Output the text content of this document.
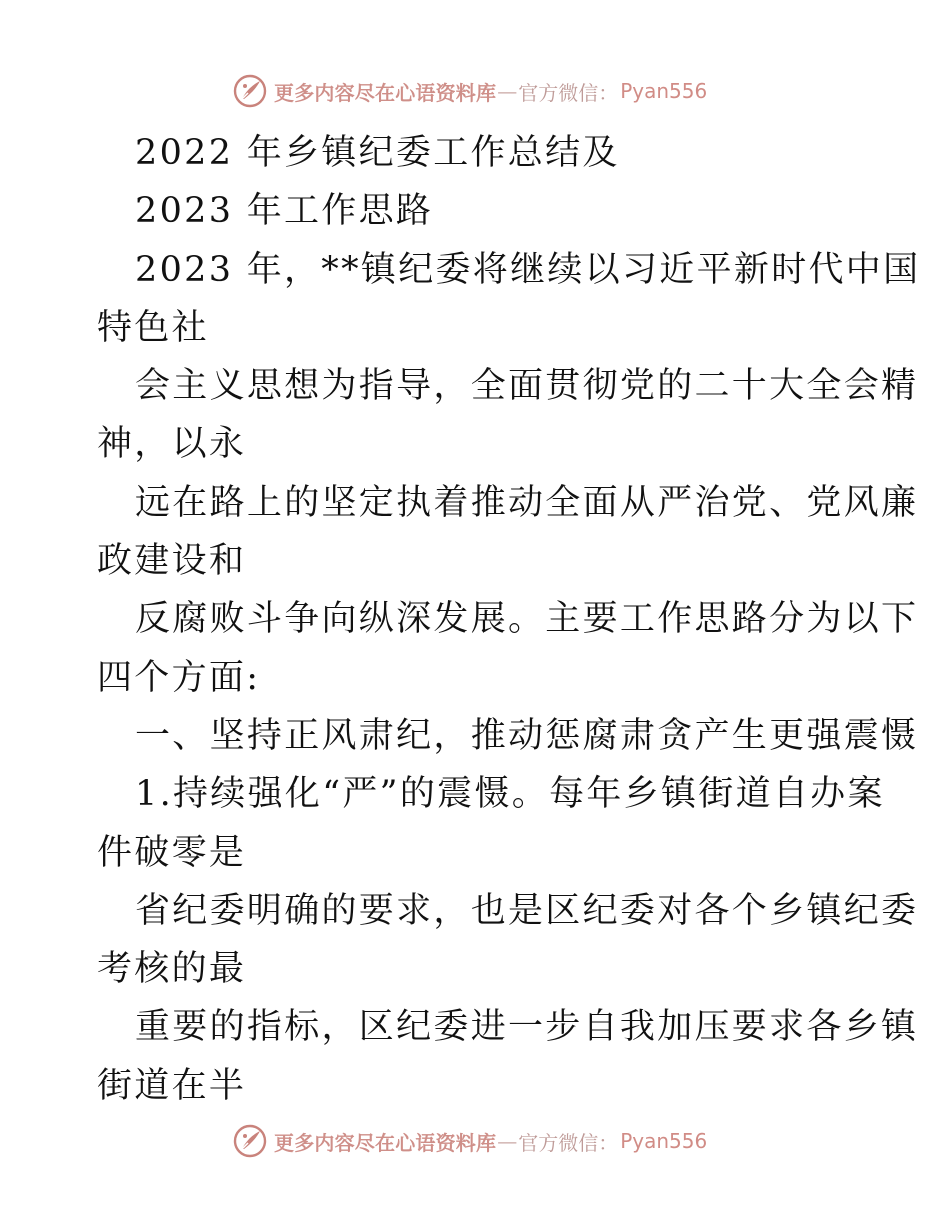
更多内容尽在心语资料库 — 官方微信： Pyan556
2022 年乡镇纪委工作总结及
2023 年工作思路
2023 年，**镇纪委将继续以习近平新时代中国
特色社
会主义思想为指导，全面贯彻党的二十大全会精
神，以永
远在路上的坚定执着推动全面从严治党、党风廉
政建设和
反腐败斗争向纵深发展。主要工作思路分为以下
四个方面:
一、坚持正风肃纪，推动惩腐肃贪产生更强震慑
1.持续强化“严”的震慑。每年乡镇街道自办案
件破零是
省纪委明确的要求，也是区纪委对各个乡镇纪委
考核的最
重要的指标，区纪委进一步自我加压要求各乡镇
街道在半
更多内容尽在心语资料库 — 官方微信： Pyan556
